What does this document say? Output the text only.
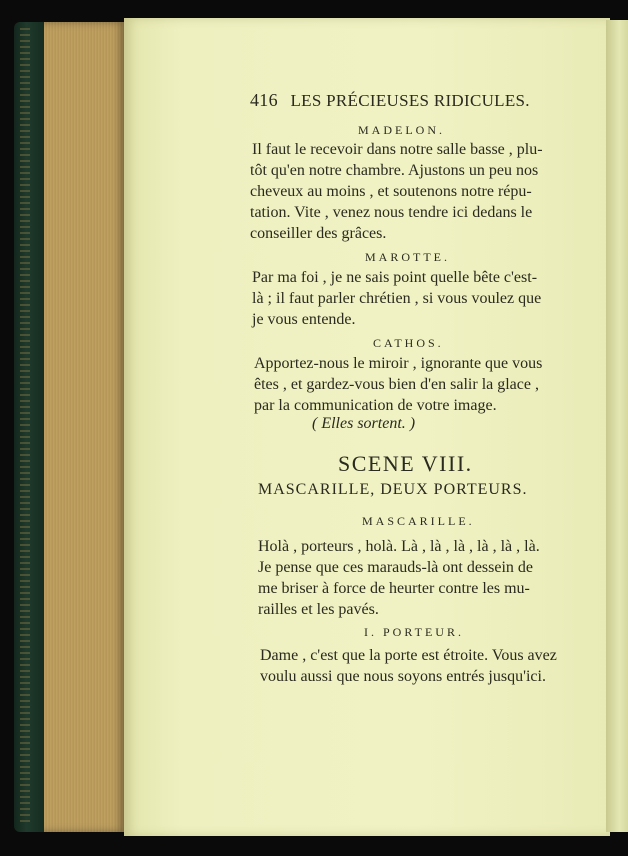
416 LES PRÉCIEUSES RIDICULES.
MADELON.
Il faut le recevoir dans notre salle basse , plu-
tôt qu'en notre chambre. Ajustons un peu nos
cheveux au moins , et soutenons notre répu-
tation. Vite , venez nous tendre ici dedans le
conseiller des grâces.
MAROTTE.
Par ma foi , je ne sais point quelle bête c'est-
là ; il faut parler chrétien , si vous voulez que
je vous entende.
CATHOS.
Apportez-nous le miroir , ignorante que vous
êtes , et gardez-vous bien d'en salir la glace ,
par la communication de votre image.
( Elles sortent. )
SCENE VIII.
MASCARILLE, DEUX PORTEURS.
MASCARILLE.
Holà , porteurs , holà. Là , là , là , là , là , là.
Je pense que ces marauds-là ont dessein de
me briser à force de heurter contre les mu-
railles et les pavés.
I. PORTEUR.
Dame , c'est que la porte est étroite. Vous avez
voulu aussi que nous soyons entrés jusqu'ici.
